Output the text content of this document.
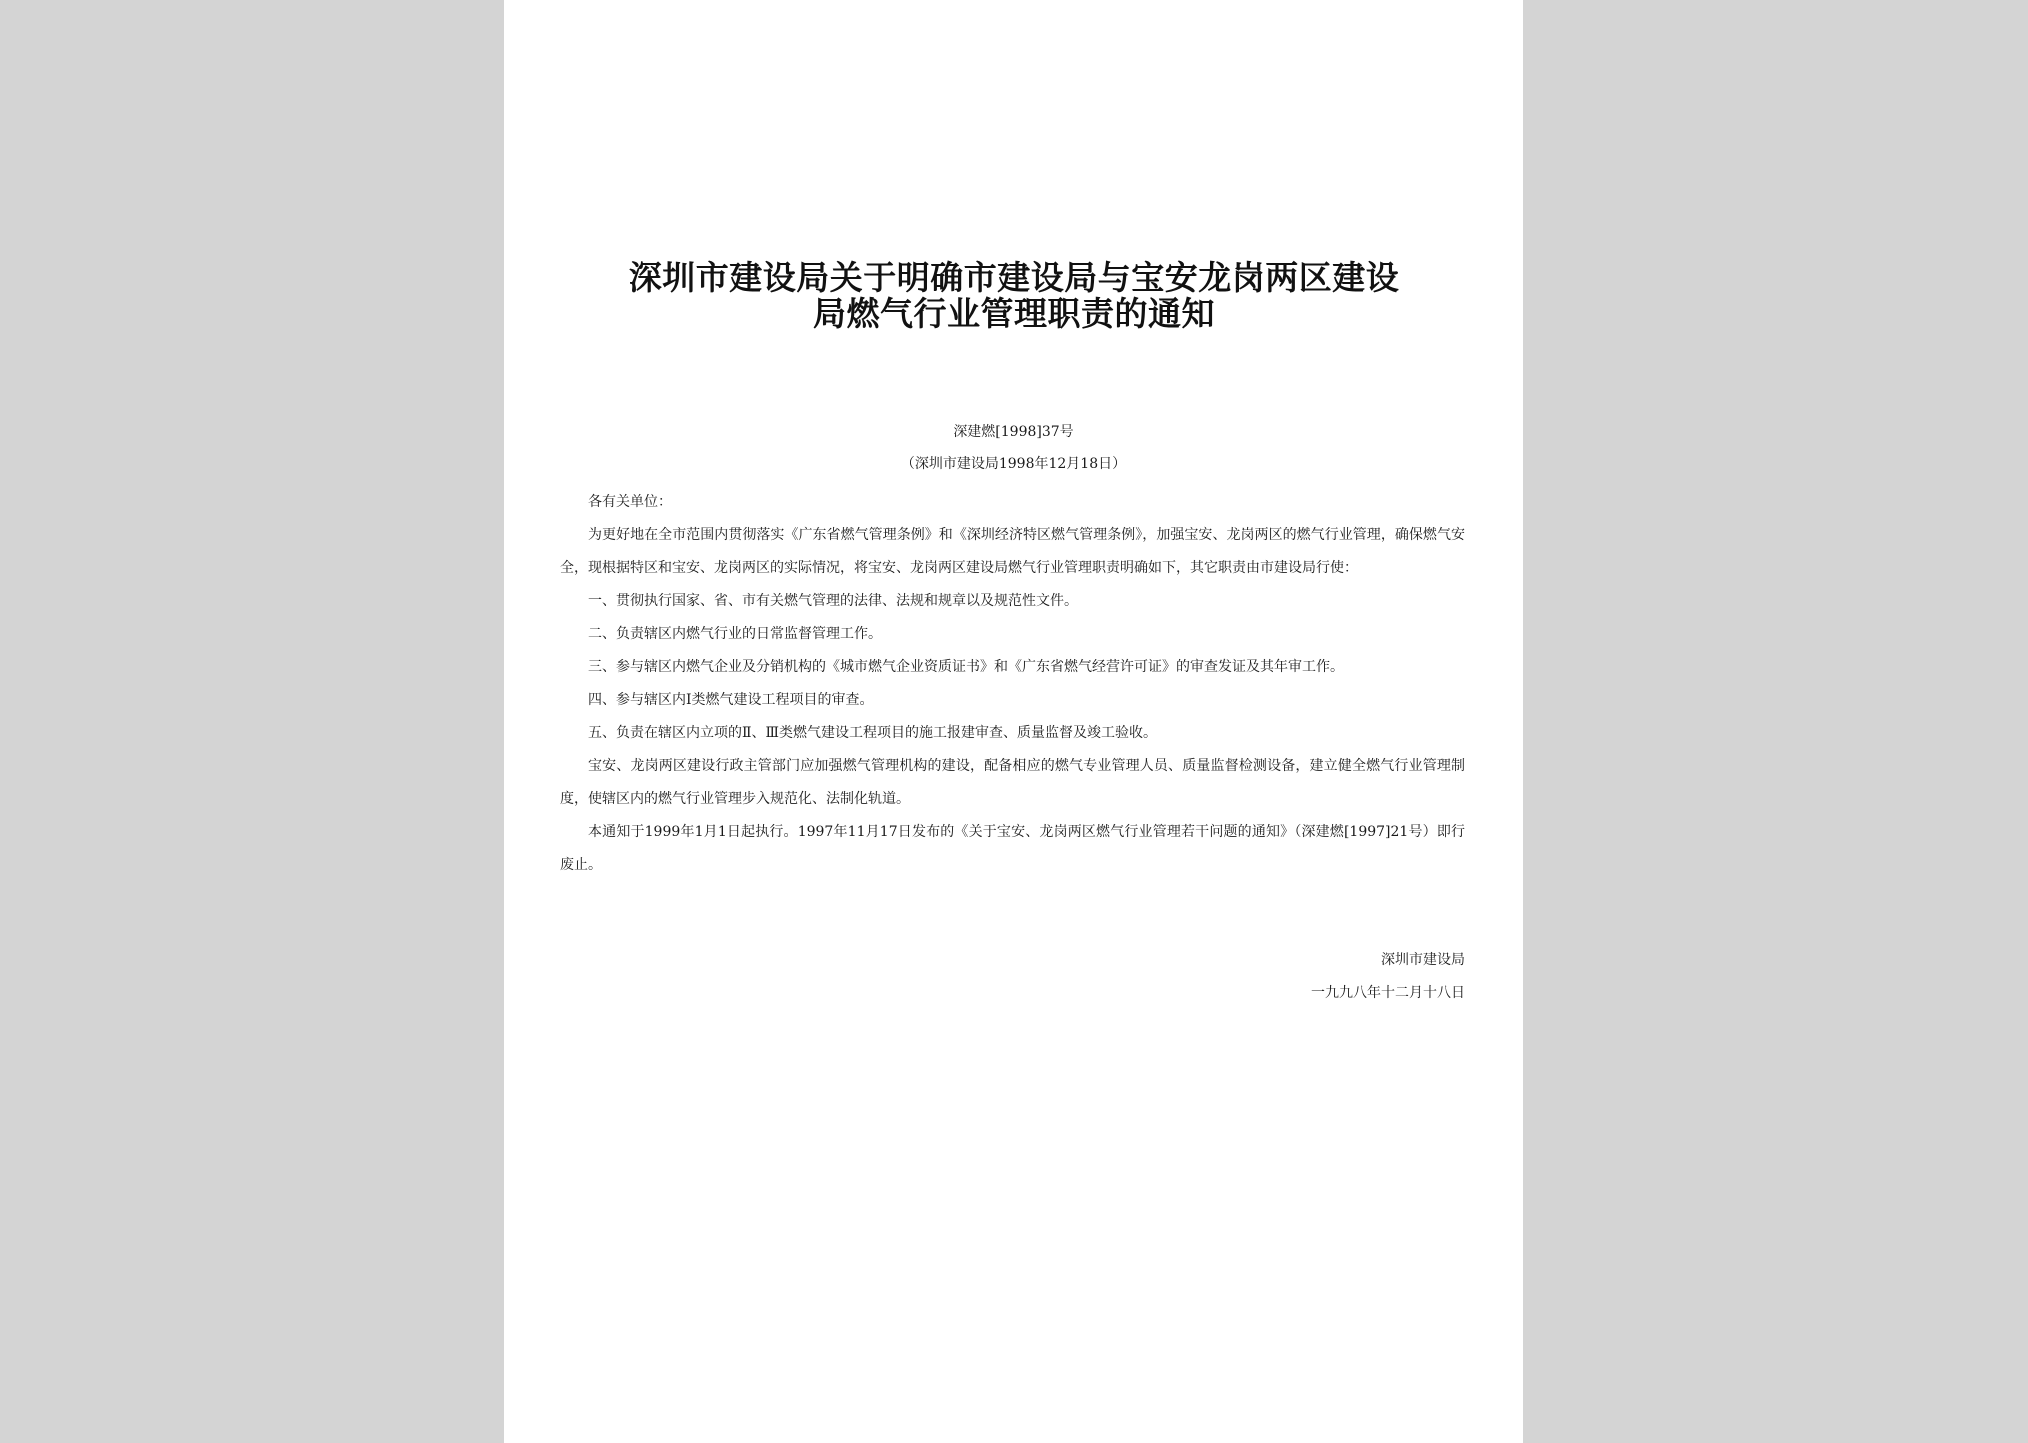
深圳市建设局关于明确市建设局与宝安龙岗两区建设
局燃气行业管理职责的通知
深建燃[1998]37号
（深圳市建设局1998年12月18日）

各有关单位：

为更好地在全市范围内贯彻落实《广东省燃气管理条例》和《深圳经济特区燃气管理条例》，加强宝安、龙岗两区的燃气行业管理，确保燃气安全，现根据特区和宝安、龙岗两区的实际情况，将宝安、龙岗两区建设局燃气行业管理职责明确如下，其它职责由市建设局行使：

一、贯彻执行国家、省、市有关燃气管理的法律、法规和规章以及规范性文件。

二、负责辖区内燃气行业的日常监督管理工作。

三、参与辖区内燃气企业及分销机构的《城市燃气企业资质证书》和《广东省燃气经营许可证》的审查发证及其年审工作。

四、参与辖区内Ⅰ类燃气建设工程项目的审查。

五、负责在辖区内立项的Ⅱ、Ⅲ类燃气建设工程项目的施工报建审查、质量监督及竣工验收。

宝安、龙岗两区建设行政主管部门应加强燃气管理机构的建设，配备相应的燃气专业管理人员、质量监督检测设备，建立健全燃气行业管理制度，使辖区内的燃气行业管理步入规范化、法制化轨道。

本通知于1999年1月1日起执行。1997年11月17日发布的《关于宝安、龙岗两区燃气行业管理若干问题的通知》（深建燃[1997]21号）即行废止。

深圳市建设局
一九九八年十二月十八日
